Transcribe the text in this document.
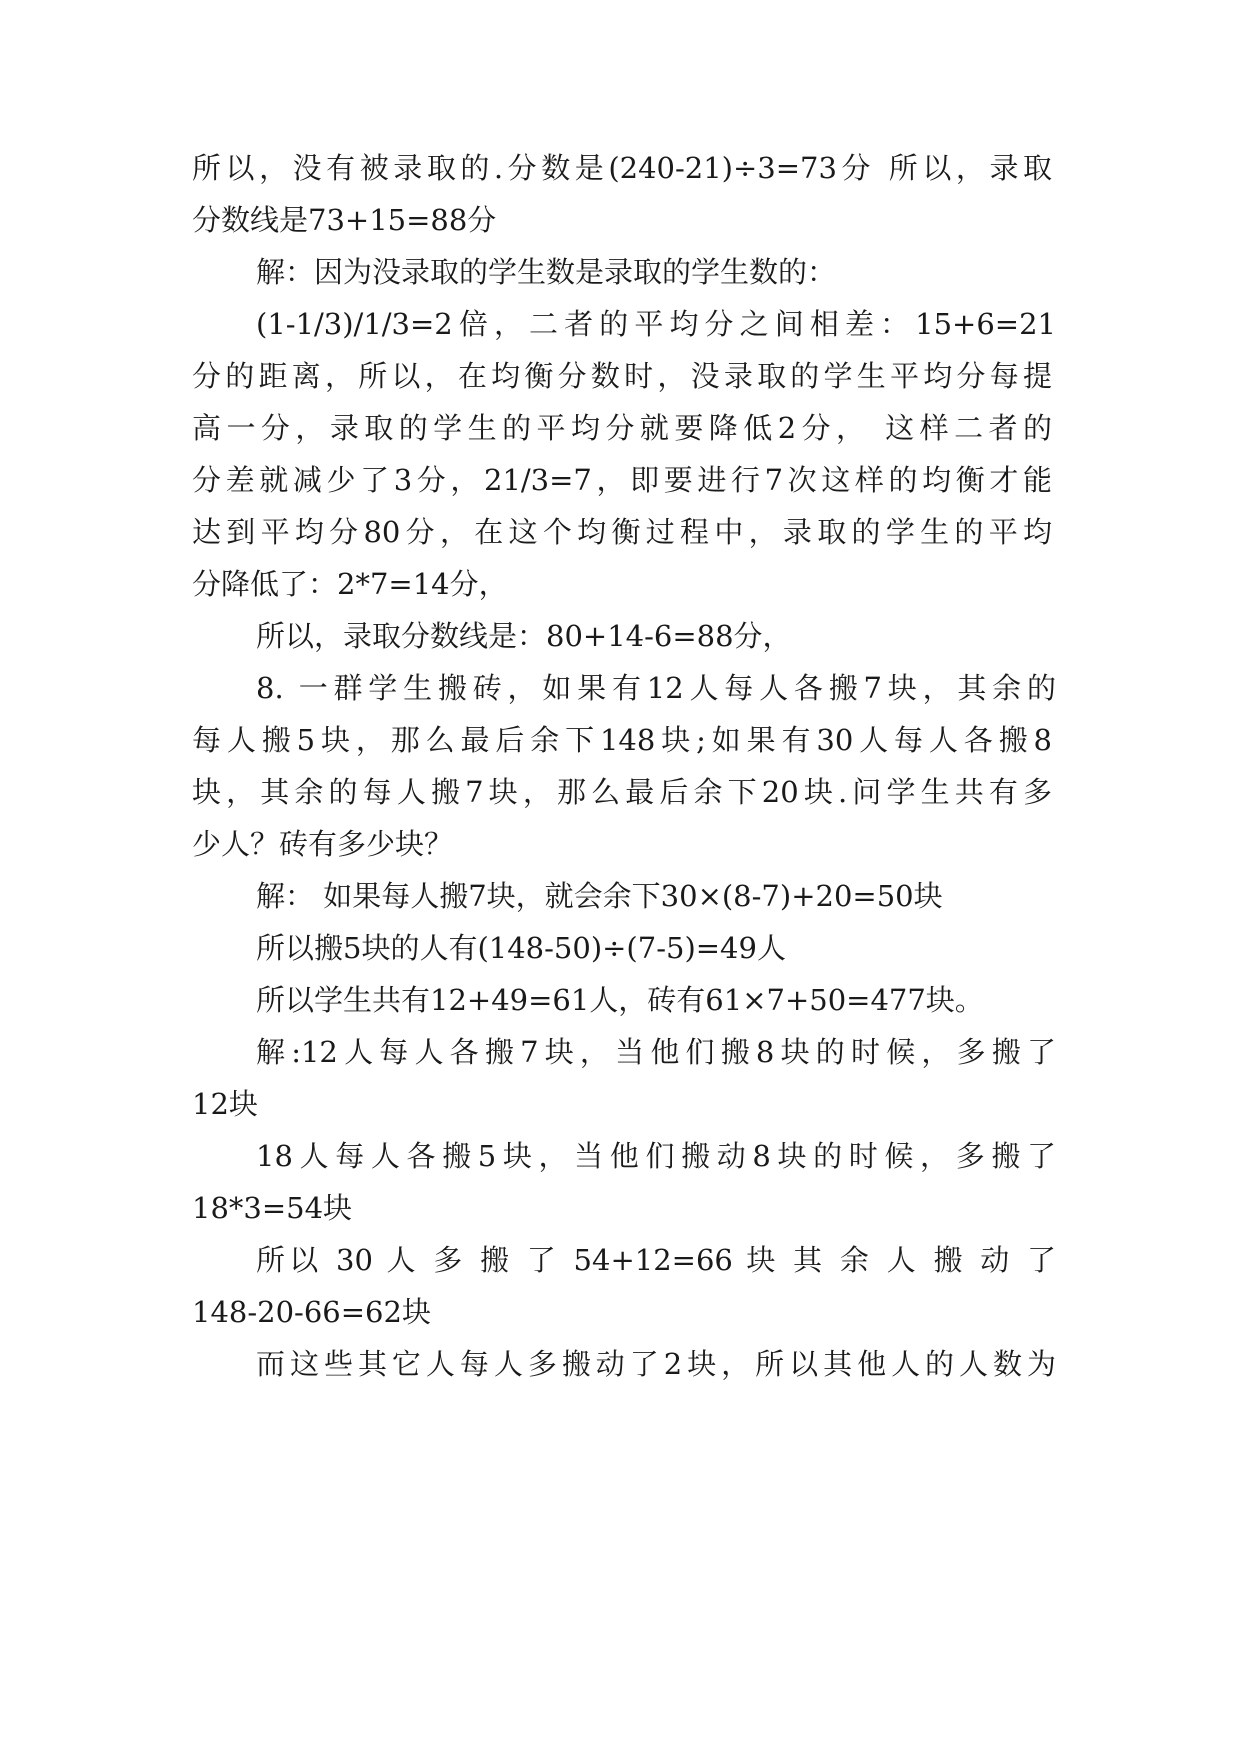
所以，没有被录取的.分数是(240-21)÷3=73分 所以，录取
分数线是73+15=88分
解：因为没录取的学生数是录取的学生数的：
(1-1/3)/1/3=2倍，二者的平均分之间相差：15+6=21
分的距离，所以，在均衡分数时，没录取的学生平均分每提
高一分，录取的学生的平均分就要降低2分， 这样二者的
分差就减少了3分，21/3=7，即要进行7次这样的均衡才能
达到平均分80分，在这个均衡过程中，录取的学生的平均
分降低了：2*7=14分，
所以，录取分数线是：80+14-6=88分，
8. 一群学生搬砖，如果有12人每人各搬7块，其余的
每人搬5块，那么最后余下148块;如果有30人每人各搬8
块，其余的每人搬7块，那么最后余下20块.问学生共有多
少人？砖有多少块？
解： 如果每人搬7块，就会余下30×(8-7)+20=50块
所以搬5块的人有(148-50)÷(7-5)=49人
所以学生共有12+49=61人，砖有61×7+50=477块。
解:12人每人各搬7块，当他们搬8块的时候，多搬了
12块
18人每人各搬5块，当他们搬动8块的时候，多搬了
18*3=54块
所以 30 人 多 搬 了 54+12=66 块 其 余 人 搬 动 了
148-20-66=62块
而这些其它人每人多搬动了2块，所以其他人的人数为
